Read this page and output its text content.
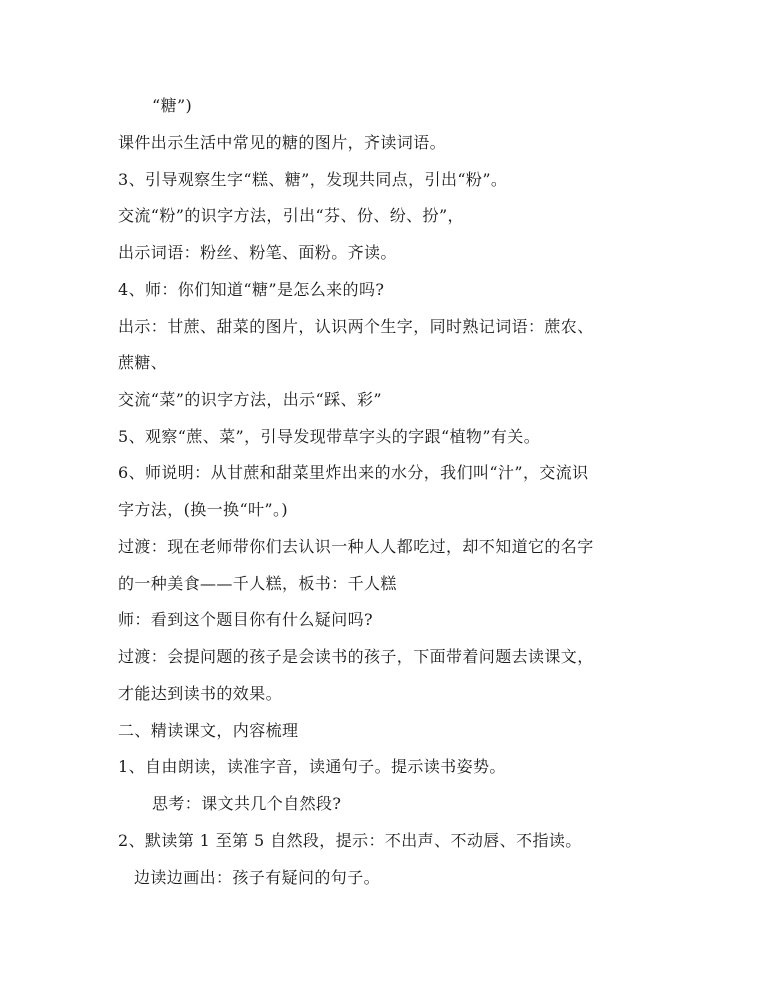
“糖”)
课件出示生活中常见的糖的图片，齐读词语。
3、引导观察生字“糕、糖”，发现共同点，引出“粉”。
交流“粉”的识字方法，引出“芬、份、纷、扮”，
出示词语：粉丝、粉笔、面粉。齐读。
4、师：你们知道“糖”是怎么来的吗?
出示：甘蔗、甜菜的图片，认识两个生字，同时熟记词语：蔗农、
蔗糖、
交流“菜”的识字方法，出示“踩、彩”
5、观察“蔗、菜”，引导发现带草字头的字跟“植物”有关。
6、师说明：从甘蔗和甜菜里炸出来的水分，我们叫“汁”，交流识
字方法，(换一换“叶”。)
过渡：现在老师带你们去认识一种人人都吃过，却不知道它的名字
的一种美食——千人糕，板书：千人糕
师：看到这个题目你有什么疑问吗?
过渡：会提问题的孩子是会读书的孩子，下面带着问题去读课文，
才能达到读书的效果。
二、精读课文，内容梳理
1、自由朗读，读准字音，读通句子。提示读书姿势。
思考：课文共几个自然段?
2、默读第 1 至第 5 自然段，提示：不出声、不动唇、不指读。
边读边画出：孩子有疑问的句子。
